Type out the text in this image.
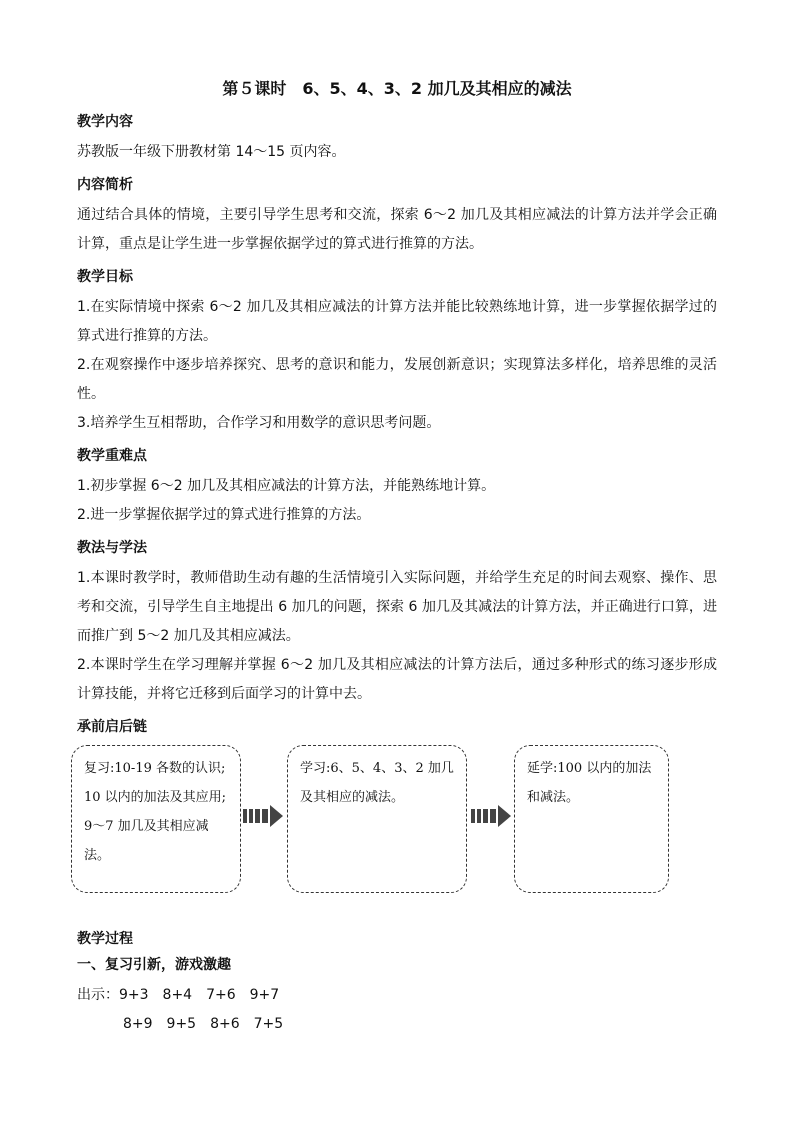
第５课时　6、5、4、3、2 加几及其相应的减法
教学内容

苏教版一年级下册教材第 14～15 页内容。

内容简析

通过结合具体的情境，主要引导学生思考和交流，探索 6～2 加几及其相应减法的计算方法并学会正确计算，重点是让学生进一步掌握依据学过的算式进行推算的方法。

教学目标

1.在实际情境中探索 6～2 加几及其相应减法的计算方法并能比较熟练地计算，进一步掌握依据学过的算式进行推算的方法。

2.在观察操作中逐步培养探究、思考的意识和能力，发展创新意识；实现算法多样化，培养思维的灵活性。

3.培养学生互相帮助，合作学习和用数学的意识思考问题。

教学重难点

1.初步掌握 6～2 加几及其相应减法的计算方法，并能熟练地计算。

2.进一步掌握依据学过的算式进行推算的方法。

教法与学法

1.本课时教学时，教师借助生动有趣的生活情境引入实际问题，并给学生充足的时间去观察、操作、思考和交流，引导学生自主地提出 6 加几的问题，探索 6 加几及其减法的计算方法，并正确进行口算，进而推广到 5～2 加几及其相应减法。

2.本课时学生在学习理解并掌握 6～2 加几及其相应减法的计算方法后，通过多种形式的练习逐步形成计算技能，并将它迁移到后面学习的计算中去。

承前启后链
复习:10-19 各数的认识; 10 以内的加法及其应用; 9～7 加几及其相应减法。
学习:6、5、4、3、2 加几及其相应的减法。
延学:100 以内的加法和减法。
教学过程
一、复习引新，游戏激趣

出示：9+3　8+4　7+6　9+7

8+9　9+5　8+6　7+5
